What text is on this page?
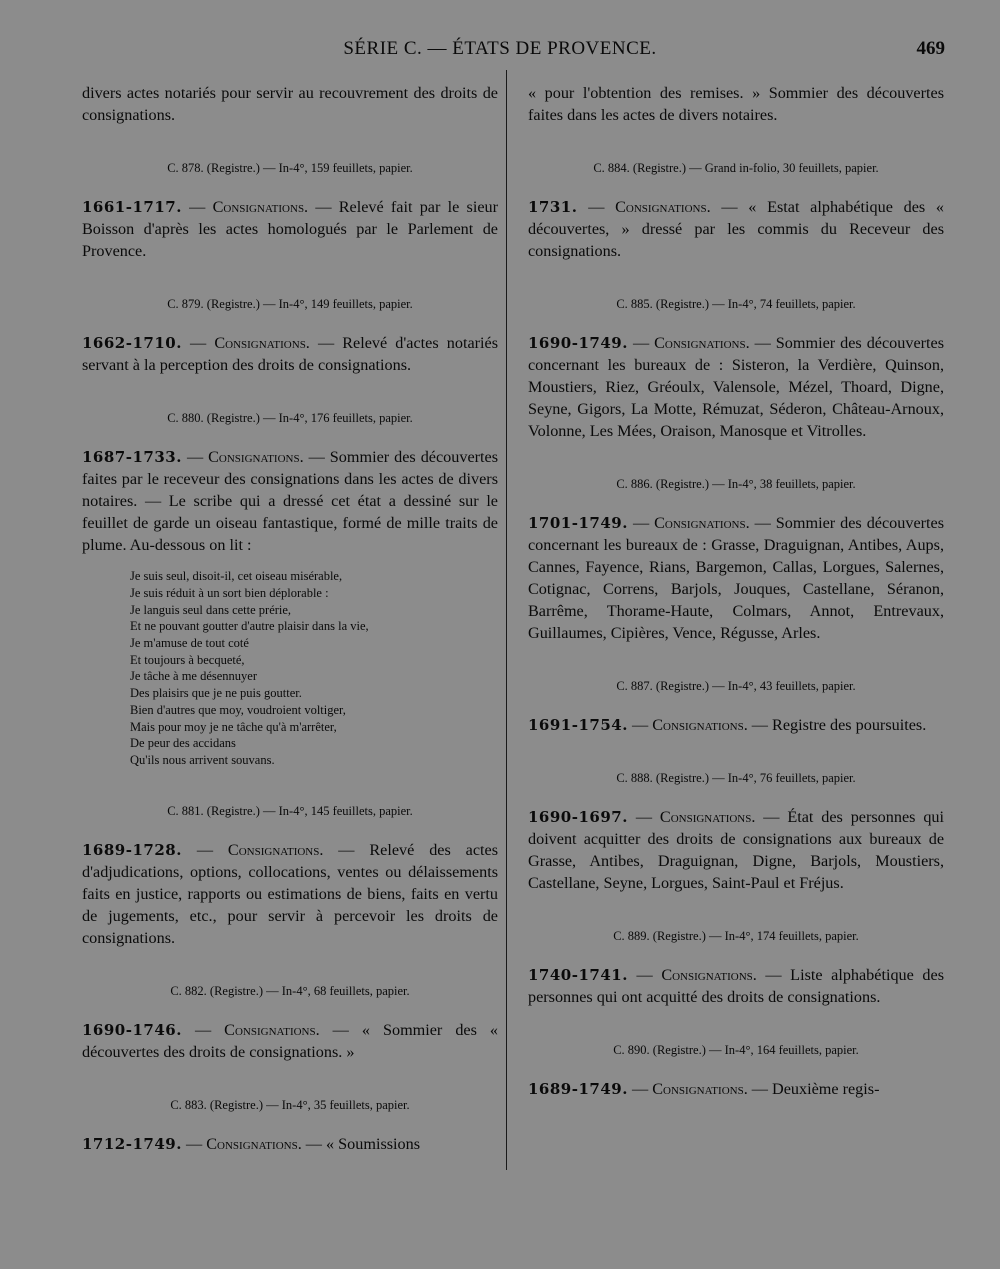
SÉRIE C. — ÉTATS DE PROVENCE.	469

divers actes notariés pour servir au recouvrement des droits de consignations.

C. 878. (Registre.) — In-4°, 159 feuillets, papier.

1661-1717. — Consignations. — Relevé fait par le sieur Boisson d'après les actes homologués par le Parlement de Provence.

C. 879. (Registre.) — In-4°, 149 feuillets, papier.

1662-1710. — Consignations. — Relevé d'actes notariés servant à la perception des droits de consignations.

C. 880. (Registre.) — In-4°, 176 feuillets, papier.

1687-1733. — Consignations. — Sommier des découvertes faites par le receveur des consignations dans les actes de divers notaires. — Le scribe qui a dressé cet état a dessiné sur le feuillet de garde un oiseau fantastique, formé de mille traits de plume. Au-dessous on lit :

Je suis seul, disoit-il, cet oiseau misérable,
Je suis réduit à un sort bien déplorable :
Je languis seul dans cette prérie,
Et ne pouvant goutter d'autre plaisir dans la vie,
Je m'amuse de tout coté
Et toujours à becqueté,
Je tâche à me désennuyer
Des plaisirs que je ne puis goutter.
Bien d'autres que moy, voudroient voltiger,
Mais pour moy je ne tâche qu'à m'arrêter,
De peur des accidans
Qu'ils nous arrivent souvans.
C. 881. (Registre.) — In-4°, 145 feuillets, papier.

1689-1728. — Consignations. — Relevé des actes d'adjudications, options, collocations, ventes ou délaissements faits en justice, rapports ou estimations de biens, faits en vertu de jugements, etc., pour servir à percevoir les droits de consignations.

C. 882. (Registre.) — In-4°, 68 feuillets, papier.

1690-1746. — Consignations. — « Sommier des « découvertes des droits de consignations. »

C. 883. (Registre.) — In-4°, 35 feuillets, papier.

1712-1749. — Consignations. — « Soumissions

« pour l'obtention des remises. » Sommier des découvertes faites dans les actes de divers notaires.

C. 884. (Registre.) — Grand in-folio, 30 feuillets, papier.

1731. — Consignations. — « Estat alphabétique des « découvertes, » dressé par les commis du Receveur des consignations.

C. 885. (Registre.) — In-4°, 74 feuillets, papier.

1690-1749. — Consignations. — Sommier des découvertes concernant les bureaux de : Sisteron, la Verdière, Quinson, Moustiers, Riez, Gréoulx, Valensole, Mézel, Thoard, Digne, Seyne, Gigors, La Motte, Rémuzat, Séderon, Château-Arnoux, Volonne, Les Mées, Oraison, Manosque et Vitrolles.

C. 886. (Registre.) — In-4°, 38 feuillets, papier.

1701-1749. — Consignations. — Sommier des découvertes concernant les bureaux de : Grasse, Draguignan, Antibes, Aups, Cannes, Fayence, Rians, Bargemon, Callas, Lorgues, Salernes, Cotignac, Correns, Barjols, Jouques, Castellane, Séranon, Barrême, Thorame-Haute, Colmars, Annot, Entrevaux, Guillaumes, Cipières, Vence, Régusse, Arles.

C. 887. (Registre.) — In-4°, 43 feuillets, papier.

1691-1754. — Consignations. — Registre des poursuites.

C. 888. (Registre.) — In-4°, 76 feuillets, papier.

1690-1697. — Consignations. — État des personnes qui doivent acquitter des droits de consignations aux bureaux de Grasse, Antibes, Draguignan, Digne, Barjols, Moustiers, Castellane, Seyne, Lorgues, Saint-Paul et Fréjus.

C. 889. (Registre.) — In-4°, 174 feuillets, papier.

1740-1741. — Consignations. — Liste alphabétique des personnes qui ont acquitté des droits de consignations.

C. 890. (Registre.) — In-4°, 164 feuillets, papier.

1689-1749. — Consignations. — Deuxième regis-
